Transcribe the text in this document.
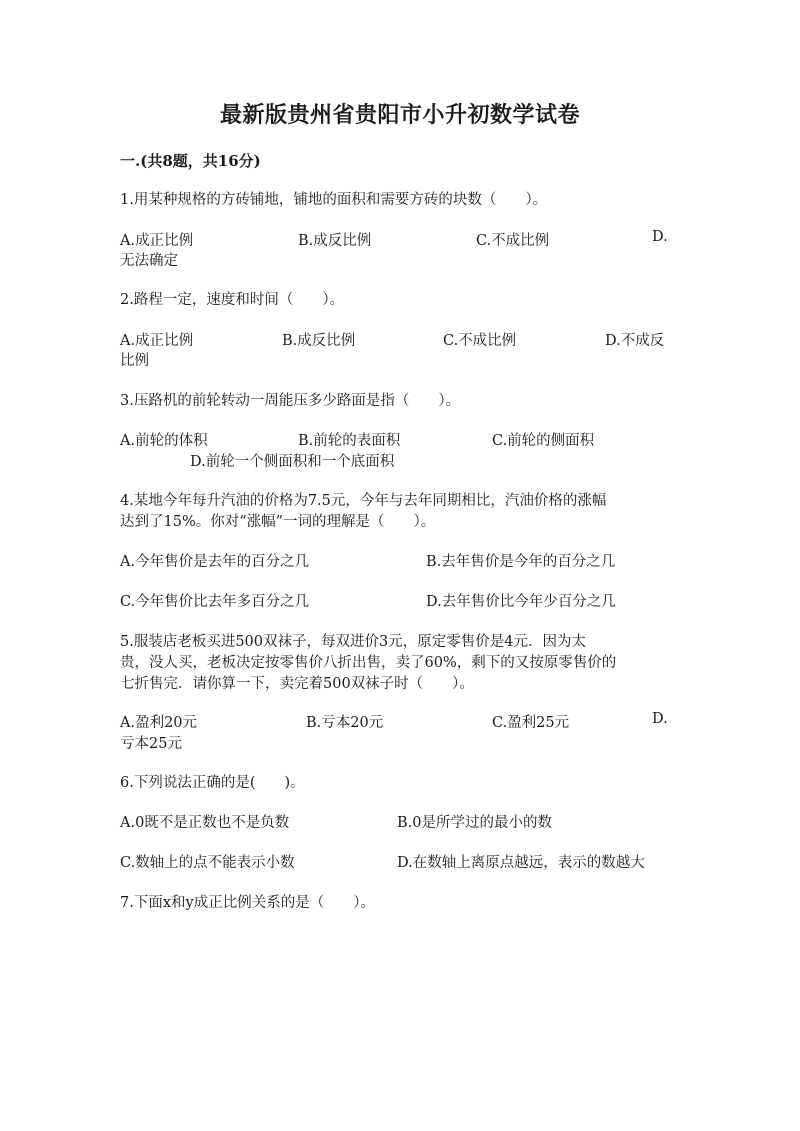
最新版贵州省贵阳市小升初数学试卷
一.(共8题，共16分)
1.用某种规格的方砖铺地，铺地的面积和需要方砖的块数（　　）。
A.成正比例	B.成反比例	C.不成比例	D.
无法确定
2.路程一定，速度和时间（　　）。
A.成正比例	B.成反比例	C.不成比例	D.不成反
比例
3.压路机的前轮转动一周能压多少路面是指（　　）。
A.前轮的体积	B.前轮的表面积	C.前轮的侧面积
D.前轮一个侧面积和一个底面积
4.某地今年每升汽油的价格为7.5元，今年与去年同期相比，汽油价格的涨幅
达到了15%。你对“涨幅”一词的理解是（　　）。
A.今年售价是去年的百分之几	B.去年售价是今年的百分之几
C.今年售价比去年多百分之几	D.去年售价比今年少百分之几
5.服装店老板买进500双袜子，每双进价3元，原定零售价是4元．因为太
贵，没人买，老板决定按零售价八折出售，卖了60%，剩下的又按原零售价的
七折售完．请你算一下，卖完着500双袜子时（　　）。
A.盈利20元	B.亏本20元	C.盈利25元	D.
亏本25元
6.下列说法正确的是(　　)。
A.0既不是正数也不是负数	B.0是所学过的最小的数
C.数轴上的点不能表示小数	D.在数轴上离原点越远，表示的数越大
7.下面x和y成正比例关系的是（　　）。
